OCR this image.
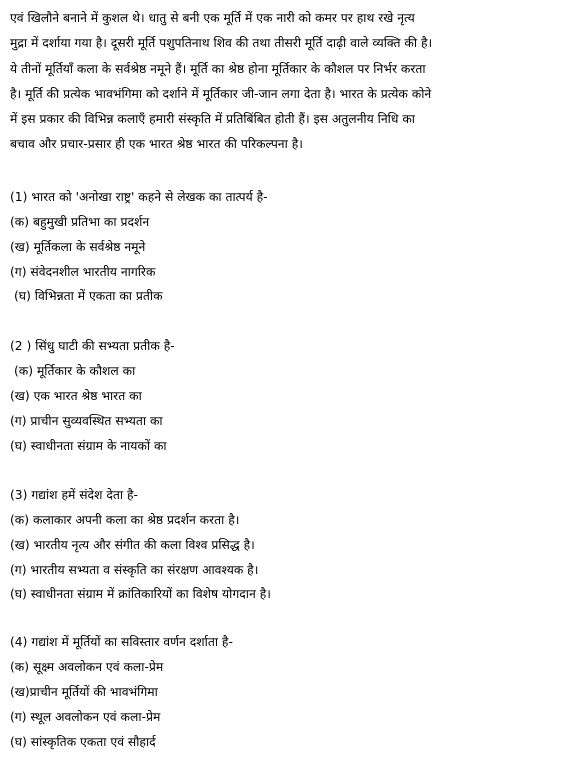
एवं खिलौने बनाने में कुशल थे। धातु से बनी एक मूर्ति में एक नारी को कमर पर हाथ रखे नृत्य
मुद्रा में दर्शाया गया है। दूसरी मूर्ति पशुपतिनाथ शिव की तथा तीसरी मूर्ति दाढ़ी वाले व्यक्ति की है।
ये तीनों मूर्तियाँ कला के सर्वश्रेष्ठ नमूने हैं। मूर्ति का श्रेष्ठ होना मूर्तिकार के कौशल पर निर्भर करता
है। मूर्ति की प्रत्येक भावभंगिमा को दर्शाने में मूर्तिकार जी-जान लगा देता है। भारत के प्रत्येक कोने
में इस प्रकार की विभिन्न कलाएँ हमारी संस्कृति में प्रतिबिंबित होती हैं। इस अतुलनीय निधि का
बचाव और प्रचार-प्रसार ही एक भारत श्रेष्ठ भारत की परिकल्पना है।
(1) भारत को 'अनोखा राष्ट्र' कहने से लेखक का तात्पर्य है-
(क) बहुमुखी प्रतिभा का प्रदर्शन
(ख) मूर्तिकला के सर्वश्रेष्ठ नमूने
(ग) संवेदनशील भारतीय नागरिक
(घ) विभिन्नता में एकता का प्रतीक
(2 ) सिंधु घाटी की सभ्यता प्रतीक है-
(क) मूर्तिकार के कौशल का
(ख) एक भारत श्रेष्ठ भारत का
(ग) प्राचीन सुव्यवस्थित सभ्यता का
(घ) स्वाधीनता संग्राम के नायकों का
(3) गद्यांश हमें संदेश देता है-
(क) कलाकार अपनी कला का श्रेष्ठ प्रदर्शन करता है।
(ख) भारतीय नृत्य और संगीत की कला विश्व प्रसिद्ध है।
(ग) भारतीय सभ्यता व संस्कृति का संरक्षण आवश्यक है।
(घ) स्वाधीनता संग्राम में क्रांतिकारियों का विशेष योगदान है।
(4) गद्यांश में मूर्तियों का सविस्तार वर्णन दर्शाता है-
(क) सूक्ष्म अवलोकन एवं कला-प्रेम
(ख)प्राचीन मूर्तियों की भावभंगिमा
(ग) स्थूल अवलोकन एवं कला-प्रेम
(घ) सांस्कृतिक एकता एवं सौहार्द
